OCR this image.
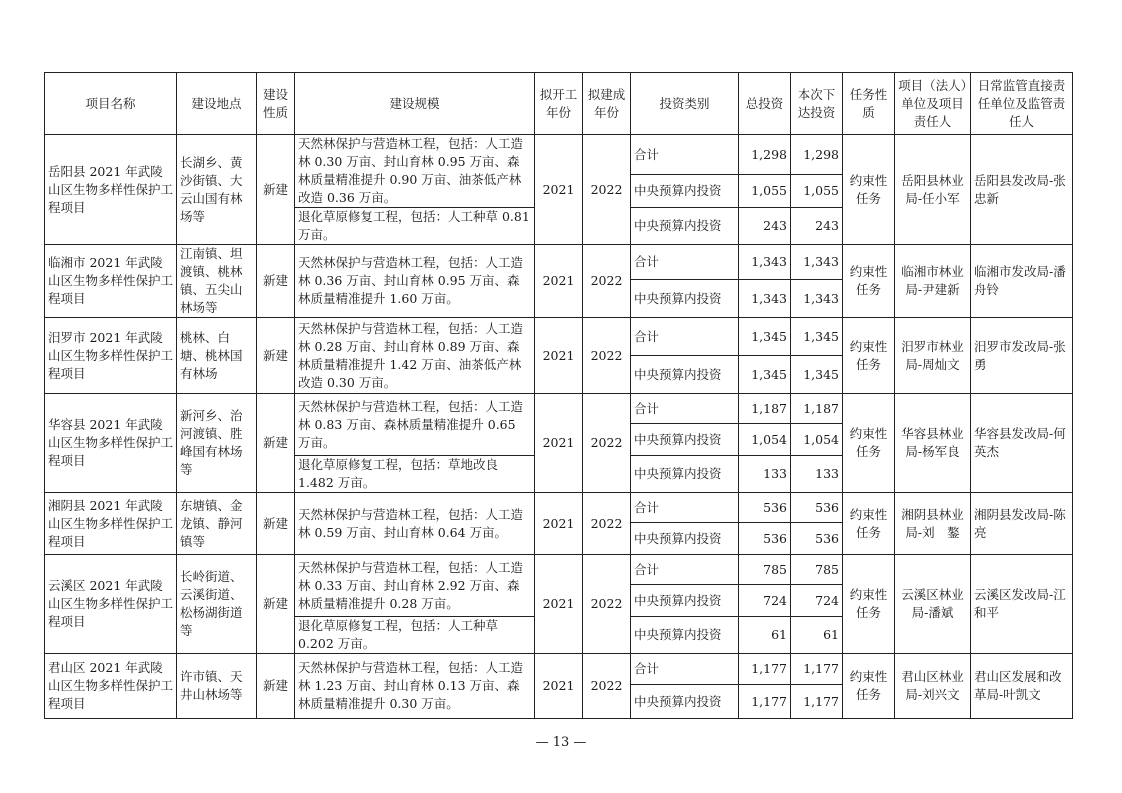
项目名称	建设地点	建设性质	建设规模	拟开工年份	拟建成年份	投资类别	总投资	本次下达投资	任务性质	项目（法人）单位及项目责任人	日常监管直接责任单位及监管责任人
岳阳县 2021 年武陵山区生物多样性保护工程项目	长湖乡、黄沙街镇、大云山国有林场等	新建	天然林保护与营造林工程，包括：人工造林 0.30 万亩、封山育林 0.95 万亩、森林质量精准提升 0.90 万亩、油茶低产林改造 0.36 万亩。	2021	2022	合计	1,298	1,298	约束性任务	岳阳县林业局-任小军	岳阳县发改局-张忠新
						中央预算内投资	1,055	1,055			
			退化草原修复工程，包括：人工种草 0.81 万亩。			中央预算内投资	243	243			
临湘市 2021 年武陵山区生物多样性保护工程项目	江南镇、坦渡镇、桃林镇、五尖山林场等	新建	天然林保护与营造林工程，包括：人工造林 0.36 万亩、封山育林 0.95 万亩、森林质量精准提升 1.60 万亩。	2021	2022	合计	1,343	1,343	约束性任务	临湘市林业局-尹建新	临湘市发改局-潘舟铃
						中央预算内投资	1,343	1,343			
汨罗市 2021 年武陵山区生物多样性保护工程项目	桃林、白塘、桃林国有林场	新建	天然林保护与营造林工程，包括：人工造林 0.28 万亩、封山育林 0.89 万亩、森林质量精准提升 1.42 万亩、油茶低产林改造 0.30 万亩。	2021	2022	合计	1,345	1,345	约束性任务	汨罗市林业局-周灿文	汨罗市发改局-张　勇
						中央预算内投资	1,345	1,345			
华容县 2021 年武陵山区生物多样性保护工程项目	新河乡、治河渡镇、胜峰国有林场等	新建	天然林保护与营造林工程，包括：人工造林 0.83 万亩、森林质量精准提升 0.65 万亩。	2021	2022	合计	1,187	1,187	约束性任务	华容县林业局-杨军良	华容县发改局-何英杰
						中央预算内投资	1,054	1,054			
			退化草原修复工程，包括：草地改良 1.482 万亩。			中央预算内投资	133	133			
湘阴县 2021 年武陵山区生物多样性保护工程项目	东塘镇、金龙镇、静河镇等	新建	天然林保护与营造林工程，包括：人工造林 0.59 万亩、封山育林 0.64 万亩。	2021	2022	合计	536	536	约束性任务	湘阴县林业局-刘　鏊	湘阴县发改局-陈　亮
						中央预算内投资	536	536			
云溪区 2021 年武陵山区生物多样性保护工程项目	长岭街道、云溪街道、松杨湖街道等	新建	天然林保护与营造林工程，包括：人工造林 0.33 万亩、封山育林 2.92 万亩、森林质量精准提升 0.28 万亩。	2021	2022	合计	785	785	约束性任务	云溪区林业局-潘斌	云溪区发改局-江和平
						中央预算内投资	724	724			
			退化草原修复工程，包括：人工种草 0.202 万亩。			中央预算内投资	61	61			
君山区 2021 年武陵山区生物多样性保护工程项目	许市镇、天井山林场等	新建	天然林保护与营造林工程，包括：人工造林 1.23 万亩、封山育林 0.13 万亩、森林质量精准提升 0.30 万亩。	2021	2022	合计	1,177	1,177	约束性任务	君山区林业局-刘兴文	君山区发展和改革局-叶凯文
						中央预算内投资	1,177	1,177			
— 13 —
